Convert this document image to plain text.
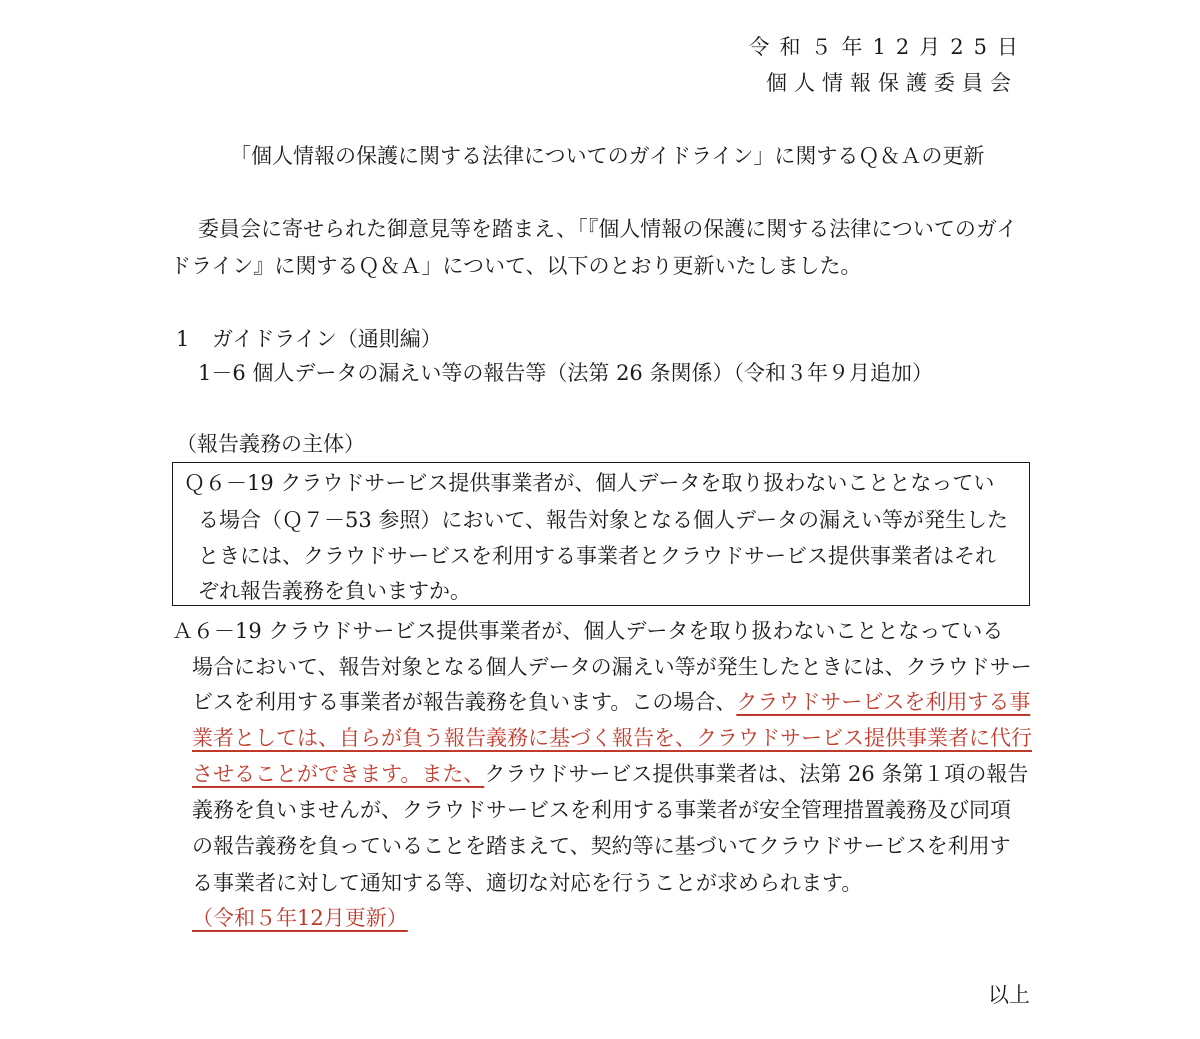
令和５年12月25日
個人情報保護委員会
「個人情報の保護に関する法律についてのガイドライン」に関するＱ＆Ａの更新
委員会に寄せられた御意見等を踏まえ、「『個人情報の保護に関する法律についてのガイ
ドライン』に関するＱ＆Ａ」について、以下のとおり更新いたしました。
1 ガイドライン（通則編）
1－6 個人データの漏えい等の報告等（法第 26 条関係）（令和３年９月追加）
（報告義務の主体）
Ｑ６－19 クラウドサービス提供事業者が、個人データを取り扱わないこととなってい
る場合（Ｑ７－53 参照）において、報告対象となる個人データの漏えい等が発生した
ときには、クラウドサービスを利用する事業者とクラウドサービス提供事業者はそれ
ぞれ報告義務を負いますか。
Ａ６－19 クラウドサービス提供事業者が、個人データを取り扱わないこととなっている
場合において、報告対象となる個人データの漏えい等が発生したときには、クラウドサー
ビスを利用する事業者が報告義務を負います。この場合、クラウドサービスを利用する事
業者としては、自らが負う報告義務に基づく報告を、クラウドサービス提供事業者に代行
させることができます。また、クラウドサービス提供事業者は、法第 26 条第１項の報告
義務を負いませんが、クラウドサービスを利用する事業者が安全管理措置義務及び同項
の報告義務を負っていることを踏まえて、契約等に基づいてクラウドサービスを利用す
る事業者に対して通知する等、適切な対応を行うことが求められます。
（令和５年12月更新）
以上
